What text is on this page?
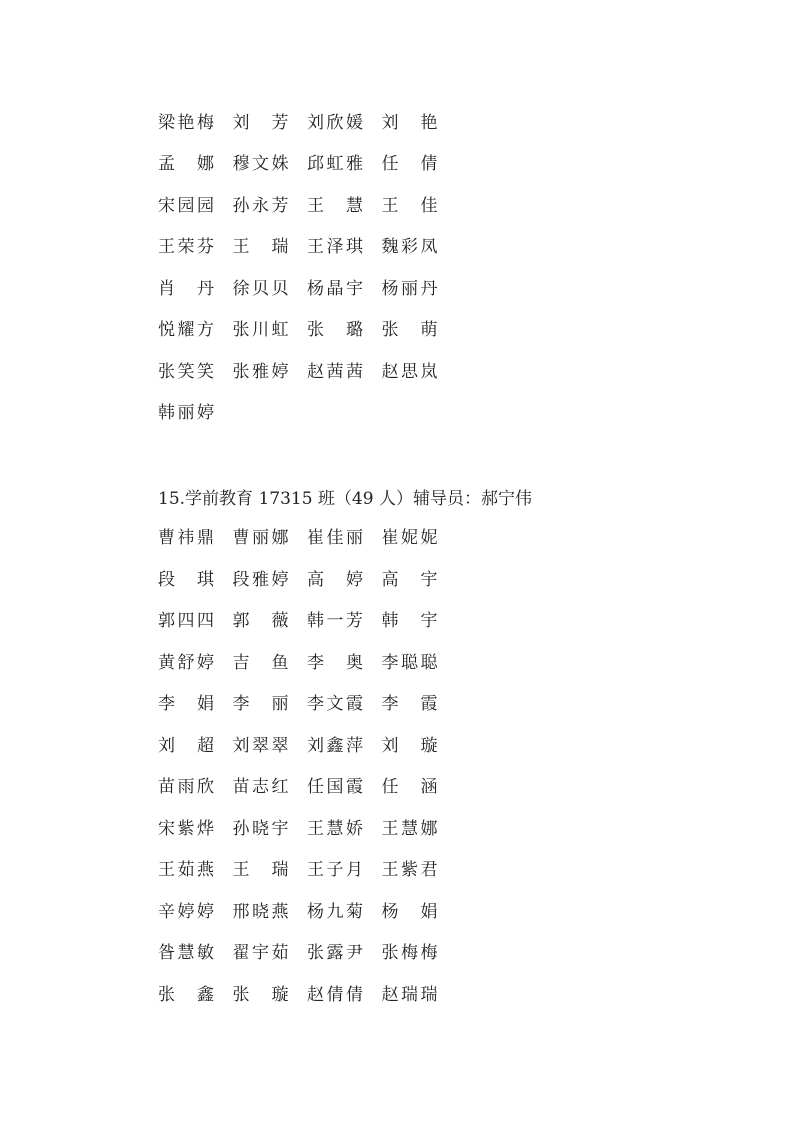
梁艳梅 刘　芳 刘欣媛 刘　艳
孟　娜 穆文姝 邱虹雅 任　倩
宋园园 孙永芳 王　慧 王　佳
王荣芬 王　瑞 王泽琪 魏彩凤
肖　丹 徐贝贝 杨晶宇 杨丽丹
悦耀方 张川虹 张　璐 张　萌
张笑笑 张雅婷 赵茜茜 赵思岚
韩丽婷
15.学前教育 17315 班（49 人）辅导员：郝宁伟
曹祎鼎 曹丽娜 崔佳丽 崔妮妮
段　琪 段雅婷 高　婷 高　宇
郭四四 郭　薇 韩一芳 韩　宇
黄舒婷 吉　鱼 李　奥 李聪聪
李　娟 李　丽 李文霞 李　霞
刘　超 刘翠翠 刘鑫萍 刘　璇
苗雨欣 苗志红 任国霞 任　涵
宋紫烨 孙晓宇 王慧娇 王慧娜
王茹燕 王　瑞 王子月 王紫君
辛婷婷 邢晓燕 杨九菊 杨　娟
昝慧敏 翟宇茹 张露尹 张梅梅
张　鑫 张　璇 赵倩倩 赵瑞瑞
